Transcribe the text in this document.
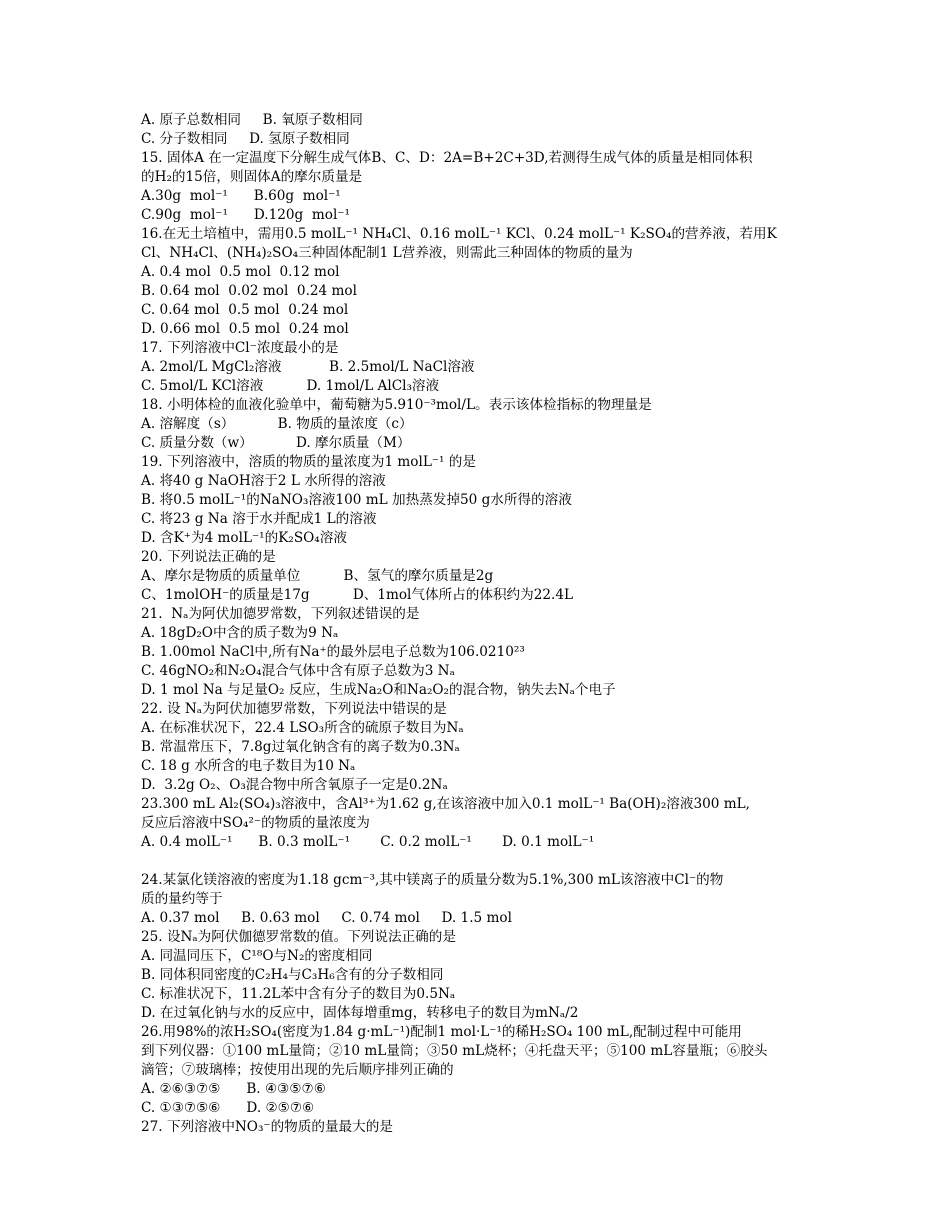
A. 原子总数相同     B. 氧原子数相同
C. 分子数相同     D. 氢原子数相同
15. 固体A 在一定温度下分解生成气体B、C、D：2A=B+2C+3D,若测得生成气体的质量是相同体积
的H₂的15倍，则固体A的摩尔质量是
A.30g  mol⁻¹      B.60g  mol⁻¹
C.90g  mol⁻¹      D.120g  mol⁻¹
16.在无土培植中，需用0.5 molL⁻¹ NH₄Cl、0.16 molL⁻¹ KCl、0.24 molL⁻¹ K₂SO₄的营养液，若用K
Cl、NH₄Cl、(NH₄)₂SO₄三种固体配制1 L营养液，则需此三种固体的物质的量为
A. 0.4 mol  0.5 mol  0.12 mol
B. 0.64 mol  0.02 mol  0.24 mol
C. 0.64 mol  0.5 mol  0.24 mol
D. 0.66 mol  0.5 mol  0.24 mol
17. 下列溶液中Cl⁻浓度最小的是
A. 2mol/L MgCl₂溶液           B. 2.5mol/L NaCl溶液
C. 5mol/L KCl溶液          D. 1mol/L AlCl₃溶液
18. 小明体检的血液化验单中，葡萄糖为5.910⁻³mol/L。表示该体检指标的物理量是
A. 溶解度（s）          B. 物质的量浓度（c）
C. 质量分数（w）          D. 摩尔质量（M）
19. 下列溶液中，溶质的物质的量浓度为1 molL⁻¹ 的是
A. 将40 g NaOH溶于2 L 水所得的溶液
B. 将0.5 molL⁻¹的NaNO₃溶液100 mL 加热蒸发掉50 g水所得的溶液
C. 将23 g Na 溶于水并配成1 L的溶液
D. 含K⁺为4 molL⁻¹的K₂SO₄溶液
20. 下列说法正确的是
A、摩尔是物质的质量单位          B、氢气的摩尔质量是2g
C、1molOH⁻的质量是17g          D、1mol气体所占的体积约为22.4L
21.  Nₐ为阿伏加德罗常数，下列叙述错误的是
A. 18gD₂O中含的质子数为9 Nₐ
B. 1.00mol NaCl中,所有Na⁺的最外层电子总数为106.0210²³
C. 46gNO₂和N₂O₄混合气体中含有原子总数为3 Nₐ
D. 1 mol Na 与足量O₂ 反应，生成Na₂O和Na₂O₂的混合物，钠失去Nₐ个电子
22. 设 Nₐ为阿伏加德罗常数，下列说法中错误的是
A. 在标准状况下，22.4 LSO₃所含的硫原子数目为Nₐ
B. 常温常压下，7.8g过氧化钠含有的离子数为0.3Nₐ
C. 18 g 水所含的电子数目为10 Nₐ
D.  3.2g O₂、O₃混合物中所含氧原子一定是0.2Nₐ
23.300 mL Al₂(SO₄)₃溶液中，含Al³⁺为1.62 g,在该溶液中加入0.1 molL⁻¹ Ba(OH)₂溶液300 mL,
反应后溶液中SO₄²⁻的物质的量浓度为
A. 0.4 molL⁻¹      B. 0.3 molL⁻¹       C. 0.2 molL⁻¹       D. 0.1 molL⁻¹
24.某氯化镁溶液的密度为1.18 gcm⁻³,其中镁离子的质量分数为5.1%,300 mL该溶液中Cl⁻的物
质的量约等于
A. 0.37 mol     B. 0.63 mol     C. 0.74 mol     D. 1.5 mol
25. 设Nₐ为阿伏伽德罗常数的值。下列说法正确的是
A. 同温同压下，C¹⁸O与N₂的密度相同
B. 同体积同密度的C₂H₄与C₃H₆含有的分子数相同
C. 标准状况下，11.2L苯中含有分子的数目为0.5Nₐ
D. 在过氧化钠与水的反应中，固体每增重mg，转移电子的数目为mNₐ/2
26.用98%的浓H₂SO₄(密度为1.84 g·mL⁻¹)配制1 mol·L⁻¹的稀H₂SO₄ 100 mL,配制过程中可能用
到下列仪器：①100 mL量筒；②10 mL量筒；③50 mL烧杯；④托盘天平；⑤100 mL容量瓶；⑥胶头
滴管；⑦玻璃棒；按使用出现的先后顺序排列正确的
A. ②⑥③⑦⑤      B. ④③⑤⑦⑥
C. ①③⑦⑤⑥      D. ②⑤⑦⑥
27. 下列溶液中NO₃⁻的物质的量最大的是
